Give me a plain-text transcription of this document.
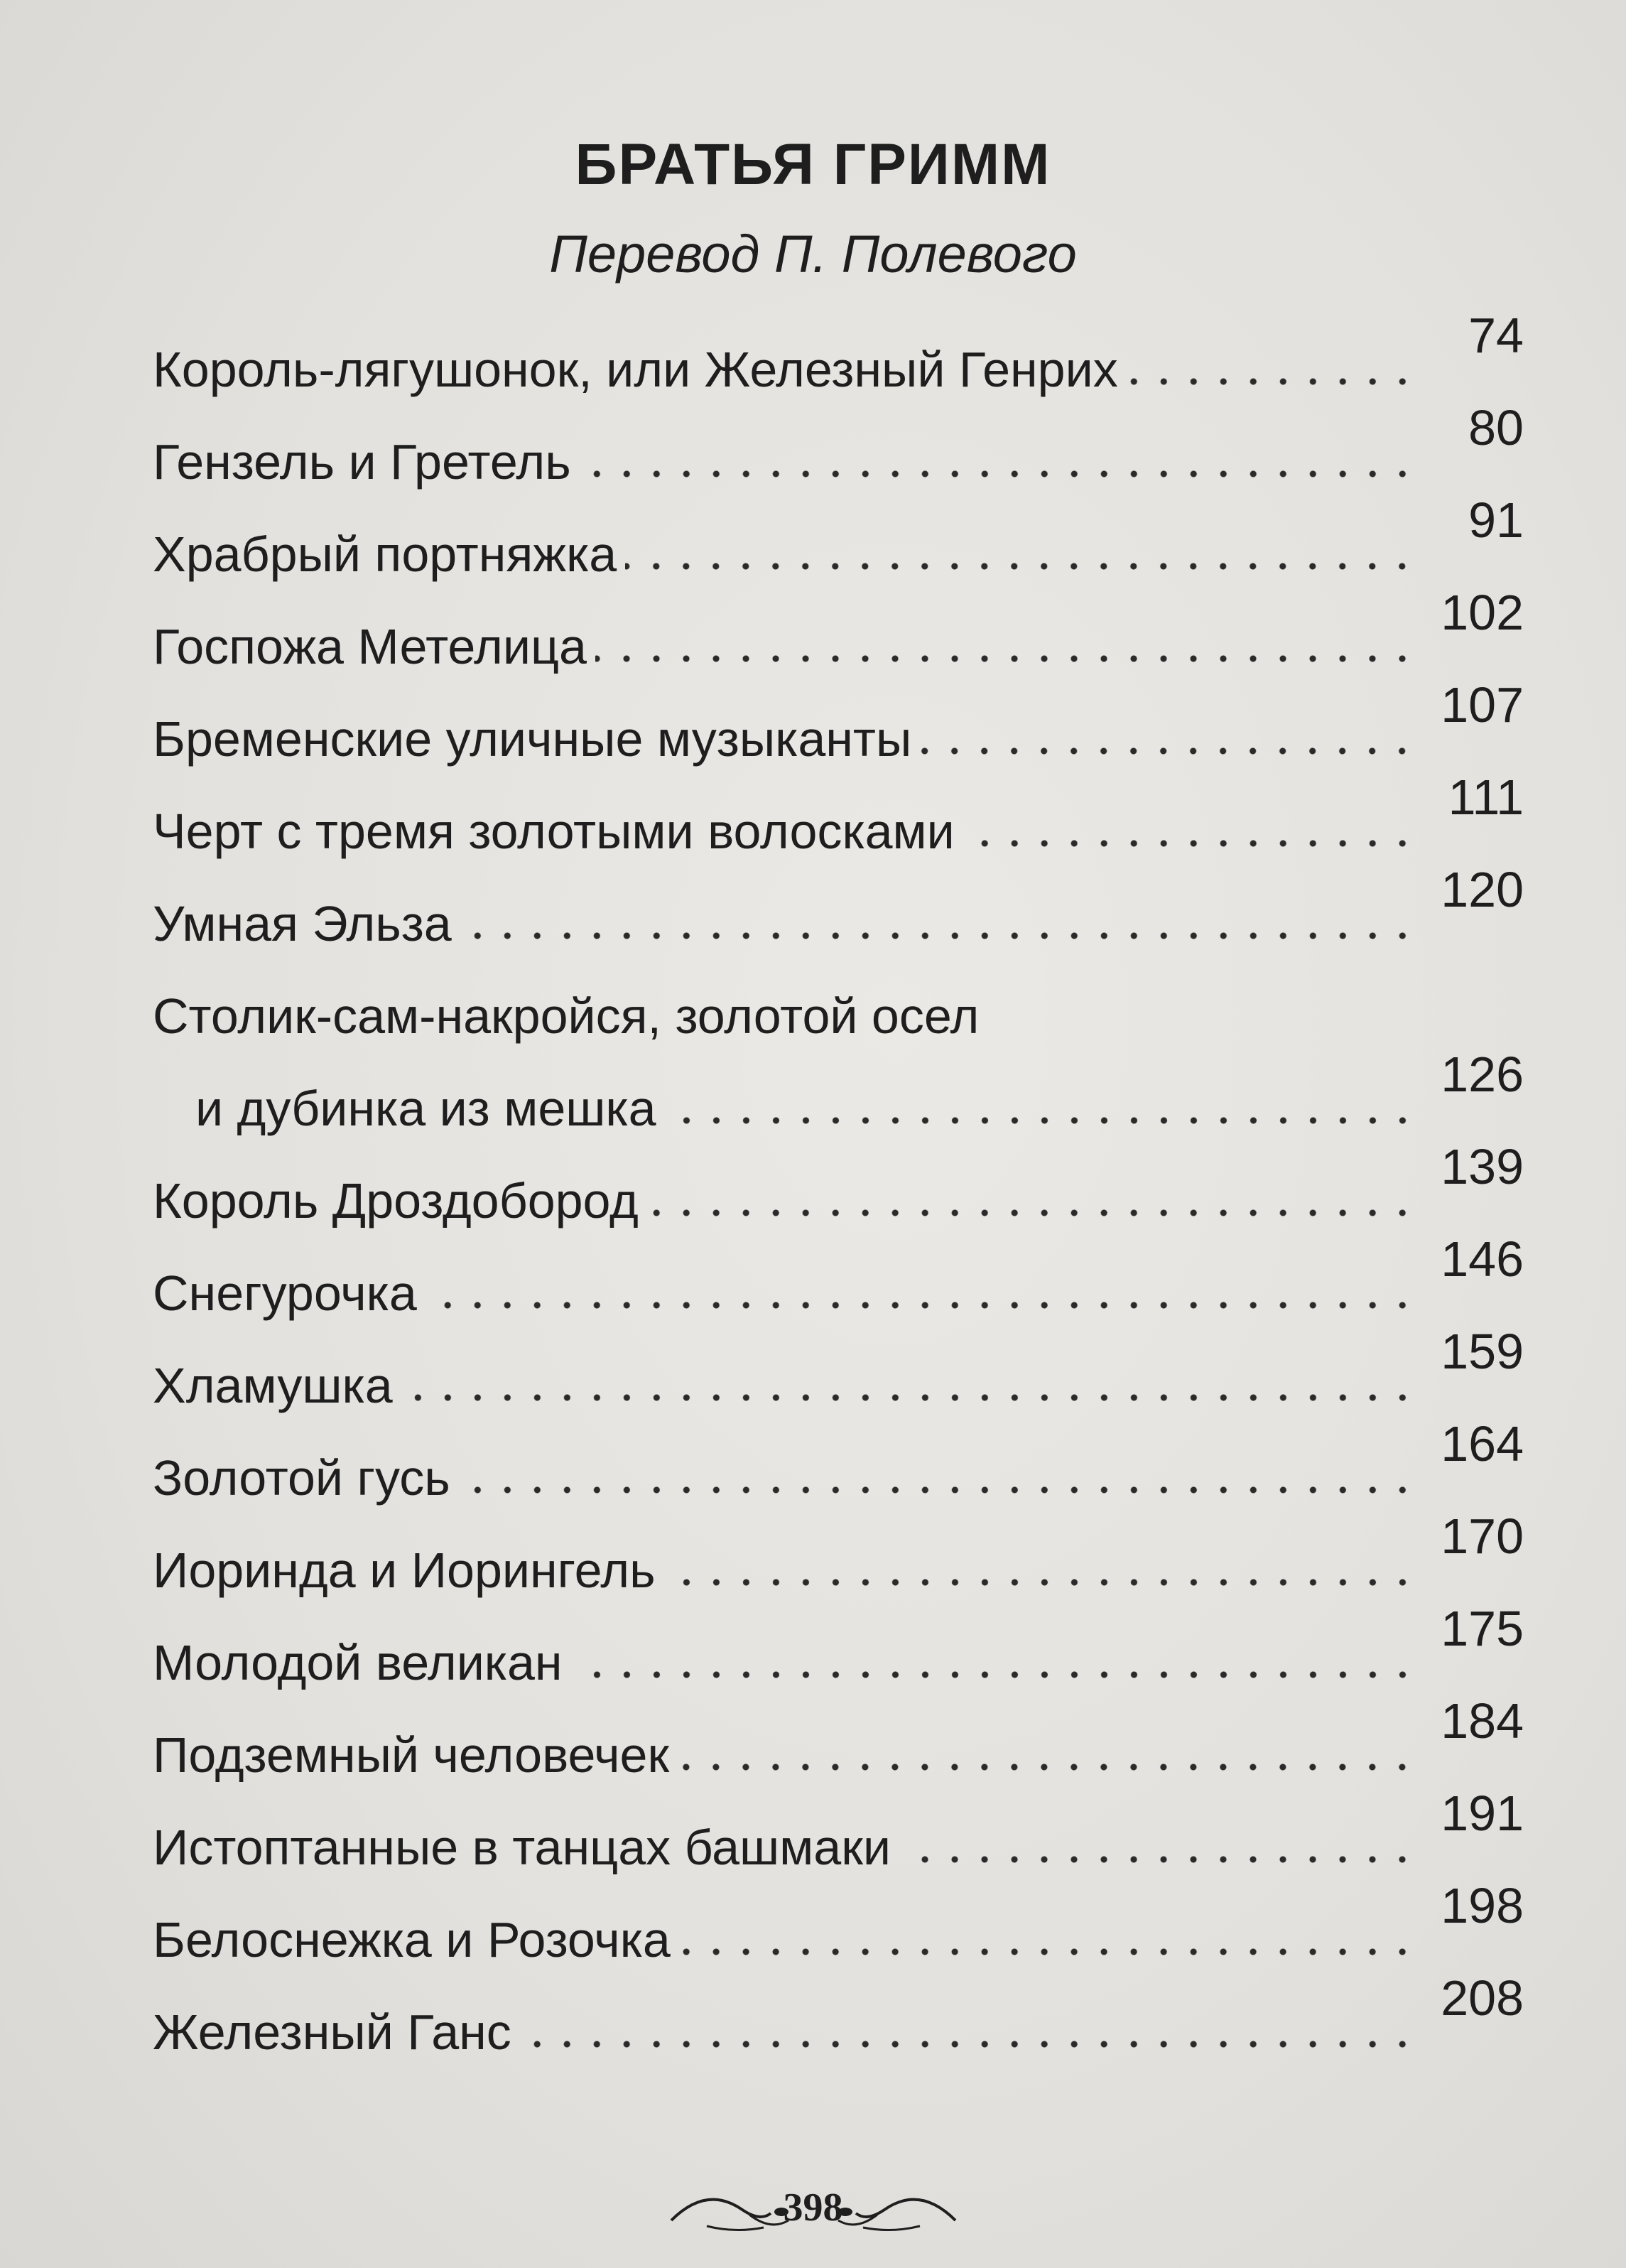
БРАТЬЯ ГРИММ
Перевод П. Полевого
Король-лягушонок, или Железный Генрих
74
Гензель и Гретель
80
Храбрый портняжка
91
Госпожа Метелица
102
Бременские уличные музыканты
107
Черт с тремя золотыми волосками
111
Умная Эльза
120
Столик-сам-накройся, золотой осел
и дубинка из мешка
126
Король Дроздобород
139
Снегурочка
146
Хламушка
159
Золотой гусь
164
Иоринда и Иорингель
170
Молодой великан
175
Подземный человечек
184
Истоптанные в танцах башмаки
191
Белоснежка и Розочка
198
Железный Ганс
208
398
